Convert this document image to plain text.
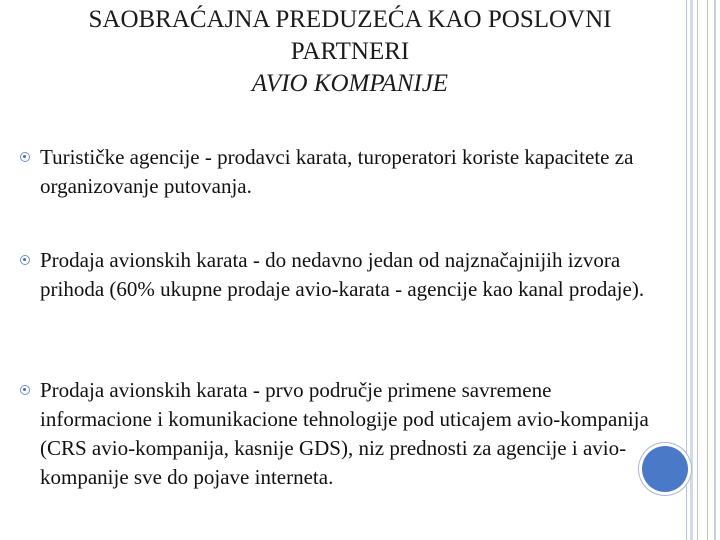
SAOBRAĆAJNA PREDUZEĆA KAO POSLOVNI
PARTNERI
AVIO KOMPANIJE
Turističke agencije - prodavci karata, turoperatori koriste kapacitete za organizovanje putovanja.
Prodaja avionskih karata - do nedavno jedan od najznačajnijih izvora prihoda (60% ukupne prodaje avio-karata - agencije kao kanal prodaje).
Prodaja avionskih karata - prvo područje primene savremene informacione i komunikacione tehnologije pod uticajem avio-kompanija (CRS avio-kompanija, kasnije GDS), niz prednosti za agencije i avio-kompanije sve do pojave interneta.
